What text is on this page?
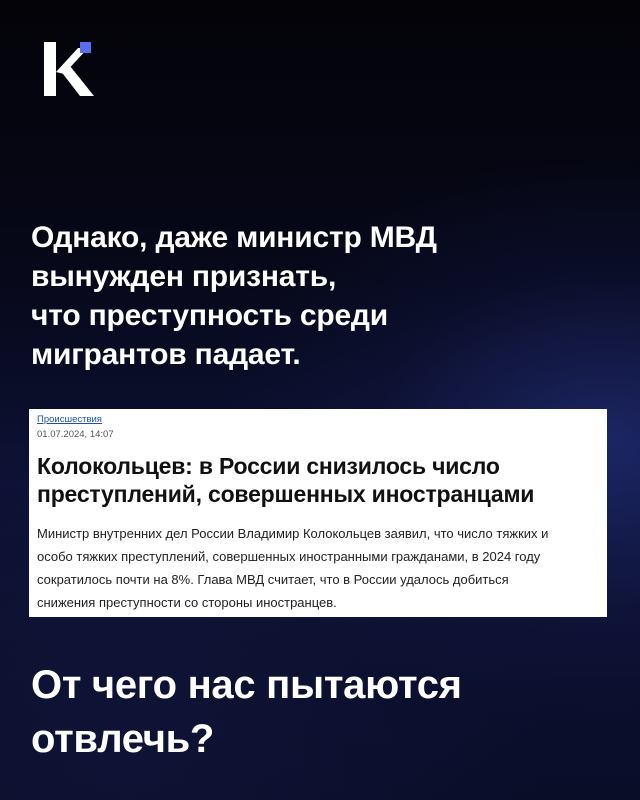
Однако, даже министр МВД
вынужден признать,
что преступность среди
мигрантов падает.
Происшествия
01.07.2024, 14:07
Колокольцев: в России снизилось число
преступлений, совершенных иностранцами

Министр внутренних дел России Владимир Колокольцев заявил, что число тяжких и
особо тяжких преступлений, совершенных иностранными гражданами, в 2024 году
сократилось почти на 8%. Глава МВД считает, что в России удалось добиться
снижения преступности со стороны иностранцев.

От чего нас пытаются
отвлечь?
